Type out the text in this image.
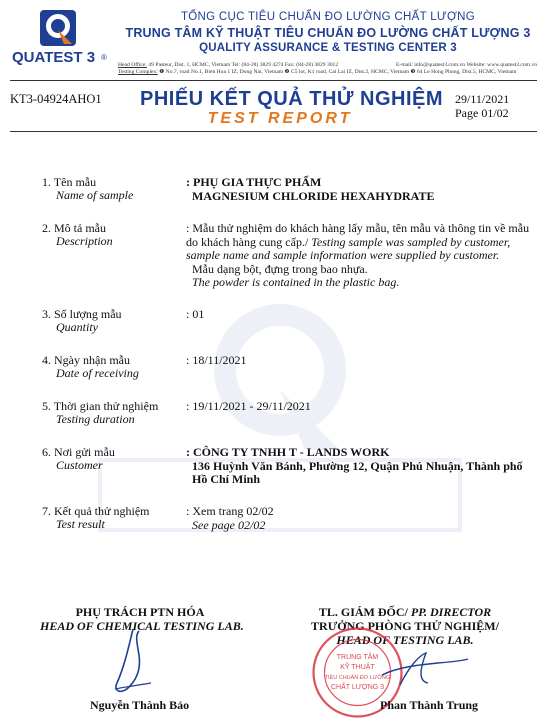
QUATEST 3 ®
TỔNG CỤC TIÊU CHUẨN ĐO LƯỜNG CHẤT LƯỢNG
TRUNG TÂM KỸ THUẬT TIÊU CHUẨN ĐO LƯỜNG CHẤT LƯỢNG 3
QUALITY ASSURANCE & TESTING CENTER 3
Head Office: 49 Pasteur, Dist. 1, HCMC, Vietnam Tel: (84-28) 3829 4274 Fax: (84-28) 3829 3012	E-mail: info@quatest3.com.vn Website: www.quatest3.com.vn
Testing Complex: ❶ No.7, road No.1, Bien Hoa 1 IZ, Dong Nai, Vietnam ❷ C5 lot, K1 road, Cat Lai IZ, Dist.2, HCMC, Vietnam ❸ 64 Le Hong Phong, Dist.5, HCMC, Vietnam
KT3-04924AHO1 PHIẾU KẾT QUẢ THỬ NGHIỆM
TEST REPORT
29/11/2021
Page 01/02
1. Tên mẫu
Name of sample
: PHỤ GIA THỰC PHẨM
MAGNESIUM CHLORIDE HEXAHYDRATE
2. Mô tả mẫu
Description
: Mẫu thử nghiệm do khách hàng lấy mẫu, tên mẫu và thông tin về mẫu do khách hàng cung cấp./ Testing sample was sampled by customer, sample name and sample information were supplied by customer.
Mẫu dạng bột, đựng trong bao nhựa.
The powder is contained in the plastic bag.
3. Số lượng mẫu
Quantity
: 01
4. Ngày nhận mẫu
Date of receiving
: 18/11/2021
5. Thời gian thử nghiệm
Testing duration
: 19/11/2021 - 29/11/2021
6. Nơi gửi mẫu
Customer
: CÔNG TY TNHH T - LANDS WORK
136 Huỳnh Văn Bánh, Phường 12, Quận Phú Nhuận, Thành phố Hồ Chí Minh
7. Kết quả thử nghiệm
Test result
: Xem trang 02/02
See page 02/02
PHỤ TRÁCH PTN HÓA
HEAD OF CHEMICAL TESTING LAB.
TL. GIÁM ĐỐC/ PP. DIRECTOR
TRƯỞNG PHÒNG THỬ NGHIỆM/
HEAD OF TESTING LAB.
TRUNG TÂM
KỸ THUẬT
TIÊU CHUẨN ĐO LƯỜNG
CHẤT LƯỢNG 3
Nguyễn Thành Bảo	Phan Thành Trung
